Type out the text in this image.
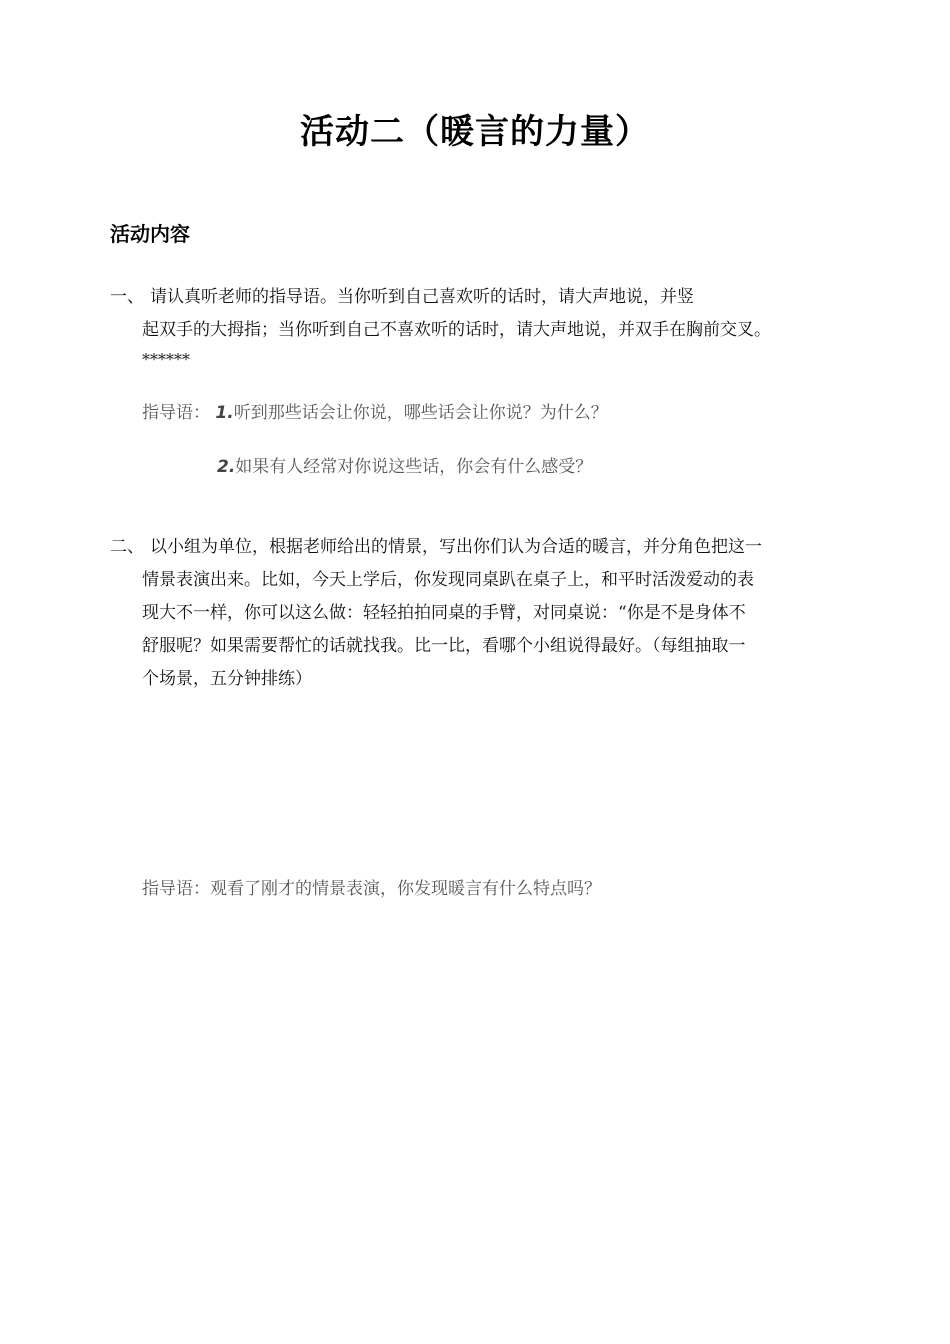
活动二（暖言的力量）
活动内容
一、 请认真听老师的指导语。当你听到自己喜欢听的话时，请大声地说，并竖
起双手的大拇指；当你听到自己不喜欢听的话时，请大声地说，并双手在胸前交叉。
******
指导语： 1.听到那些话会让你说，哪些话会让你说？为什么？
2.如果有人经常对你说这些话，你会有什么感受？
二、 以小组为单位，根据老师给出的情景，写出你们认为合适的暖言，并分角色把这一
情景表演出来。比如，今天上学后，你发现同桌趴在桌子上，和平时活泼爱动的表
现大不一样，你可以这么做：轻轻拍拍同桌的手臂，对同桌说：“你是不是身体不
舒服呢？如果需要帮忙的话就找我。比一比，看哪个小组说得最好。（每组抽取一
个场景，五分钟排练）
指导语：观看了刚才的情景表演，你发现暖言有什么特点吗？
